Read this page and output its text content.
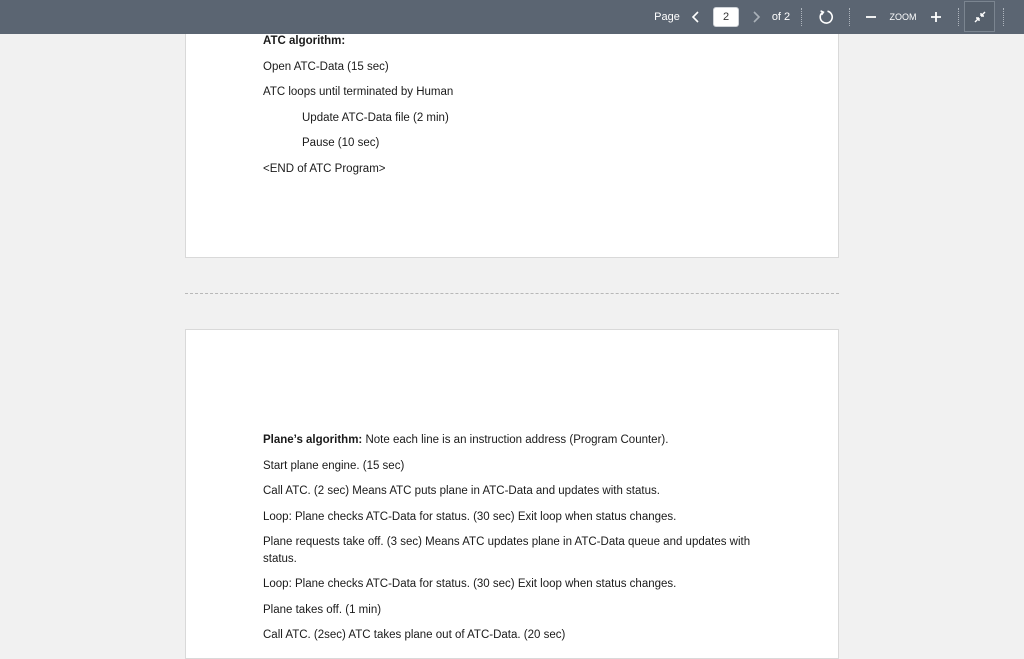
Page
2	of 2	ZOOM
ATC algorithm:
Open ATC-Data (15 sec)
ATC loops until terminated by Human
Update ATC-Data file (2 min)
Pause (10 sec)
<END of ATC Program>
Plane’s algorithm: Note each line is an instruction address (Program Counter).
Start plane engine. (15 sec)
Call ATC. (2 sec) Means ATC puts plane in ATC-Data and updates with status.
Loop: Plane checks ATC-Data for status. (30 sec) Exit loop when status changes.
Plane requests take off. (3 sec) Means ATC updates plane in ATC-Data queue and updates with status.
Loop: Plane checks ATC-Data for status. (30 sec) Exit loop when status changes.
Plane takes off. (1 min)
Call ATC. (2sec) ATC takes plane out of ATC-Data. (20 sec)
